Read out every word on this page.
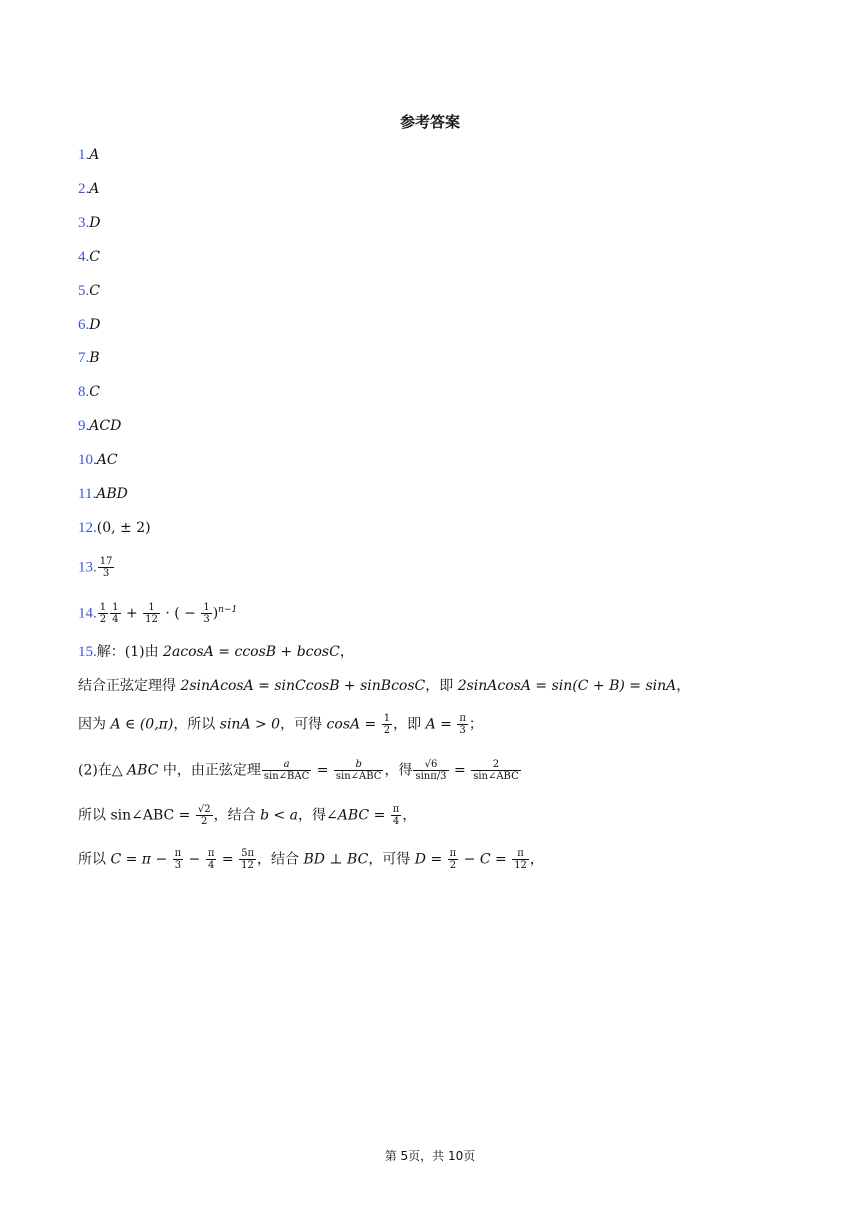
参考答案
1.A
2.A
3.D
4.C
5.C
6.D
7.B
8.C
9.ACD
10.AC
11.ABD
12.(0, ± 2)
13. $\frac{17}{3}$
14. $\frac{1}{2} \frac{1}{4} + \frac{1}{12}$ · ( − $\frac{1}{3} )^{n-1}$
15.解：(1)由 2acosA = ccosB + bcosC，
结合正弦定理得 2sinAcosA = sinCcosB + sinBcosC，即 2sinAcosA = sin(C + B) = sinA，
因为 A ∈ (0,π)，所以 sinA > 0，可得 $\cos A = \frac{1}{2}$ ，即 $A = \frac{\pi}{3}$ ；
(2)在△ ABC 中，由正弦定理 $\frac{a}{\text{sin∠BAC}} = \frac{b}{\text{sin∠ABC}}$ ，得 $\frac{√6}{\sin\pi/3} = \frac{2}{\text{sin∠ABC}}$
所以 sin∠ABC = $\frac{√2}{2}$ ，结合 b < a，得∠ABC = $\frac{\pi}{4}$ ，
所以 $C = \pi - \frac{\pi}{3} - \frac{\pi}{4} = \frac{5\pi}{12}$ ，结合 BD ⊥ BC，可得 $D = \frac{\pi}{2} - C = \frac{\pi}{12}$ ，
第 5页，共 10页
